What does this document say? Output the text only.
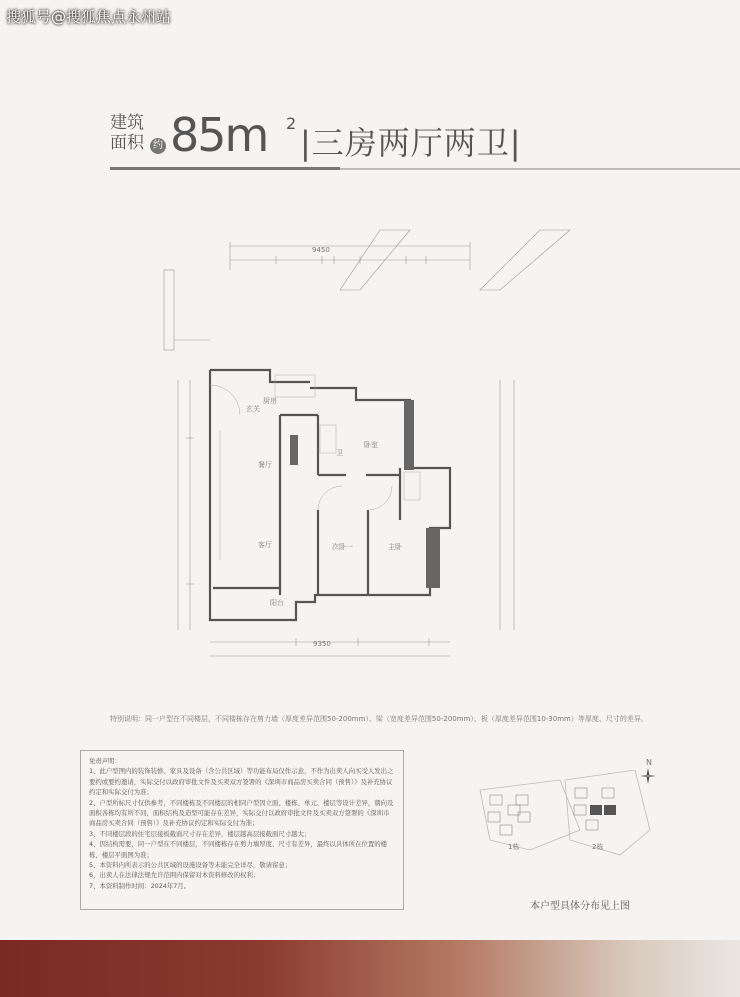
搜狐号@搜狐焦点永州站
建筑
面积 约 85m 2
|三房两厅两卫|
9450
9350
厨房
餐厅
客厅
阳台
卧室
主卧
次卧一
卫
玄关
特别说明：同一户型在不同楼层，不同楼栋存在剪力墙（厚度差异范围50-200mm）、梁（宽度差异范围50-200mm）、板（厚度差异范围10-30mm）等厚度、尺寸的差异。

免责声明：

1、此户型图内的装饰装修、家具及设备（含公共区域）等功能布局仅作示意，不作为出卖人向买受人发出之要约或要约邀请，实际交付以政府审批文件及买卖双方签署的《深圳市商品房买卖合同（预售）》及补充协议约定和实际交付为准；

2、户型所标尺寸仅供参考，不同楼栋及不同楼层的相同户型因立面、楼栋、单元、楼层等设计差异，朝向及面积各栋均有所不同，面积结构及造型可能存在差异，实际交付以政府审批文件及买卖双方签署的《深圳市商品房买卖合同（预售）》及补充协议约定和实际交付为准；

3、不同楼层段的住宅层接板截面尺寸存在差异，楼层越高层接截面尺寸越大；

4、因结构需要，同一户型在不同楼层，不同楼栋存在剪力墙厚度、尺寸有差异，最终以具体所在位置的楼栋，楼层平面图为准；

5、本资料内所表示的公共区域的设施设备等未能完全详尽，敬请留意；

6、出卖人在法律法规允许范围内保留对本资料修改的权利；

7、本资料制作时间：2024年7月。

1栋	2栋
N
本户型具体分布见上图
